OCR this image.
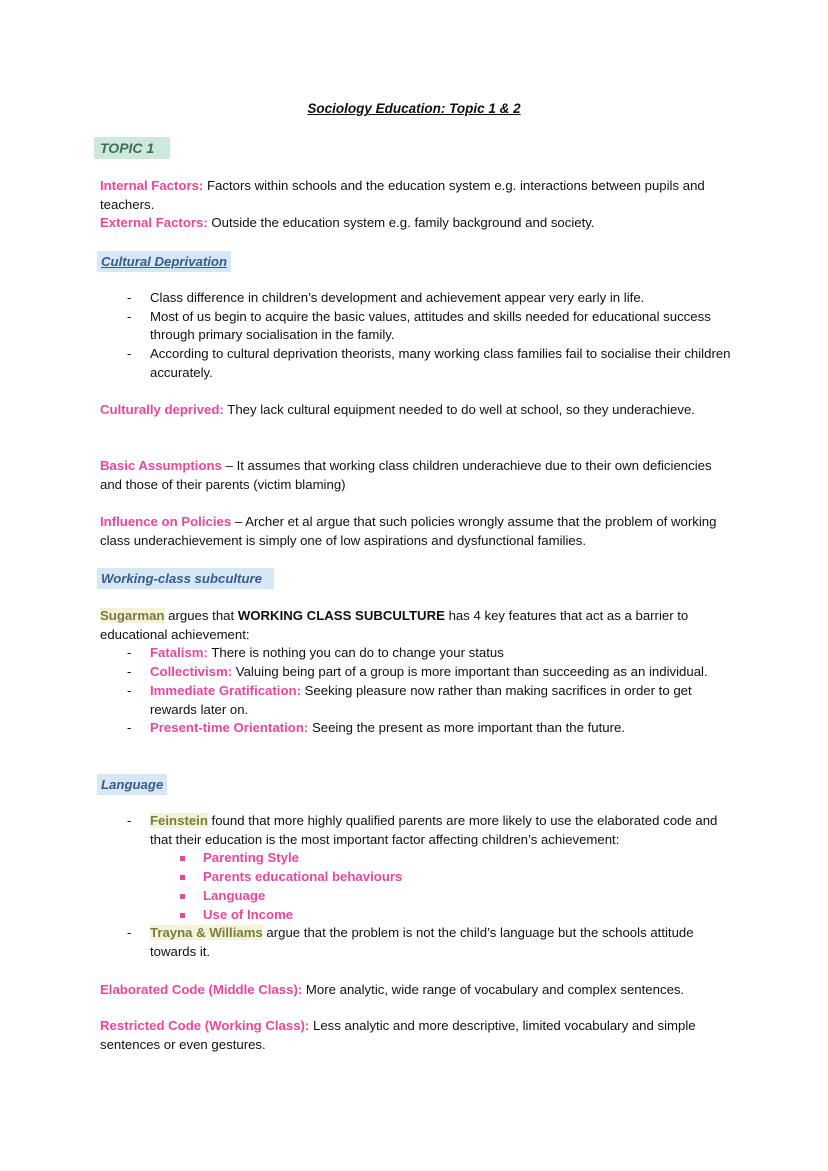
Sociology Education: Topic 1 & 2
TOPIC 1
Internal Factors: Factors within schools and the education system e.g. interactions between pupils and teachers.
External Factors: Outside the education system e.g. family background and society.
Cultural Deprivation
- Class difference in children’s development and achievement appear very early in life.
- Most of us begin to acquire the basic values, attitudes and skills needed for educational success through primary socialisation in the family.
- According to cultural deprivation theorists, many working class families fail to socialise their children accurately.
Culturally deprived: They lack cultural equipment needed to do well at school, so they underachieve.
Basic Assumptions – It assumes that working class children underachieve due to their own deficiencies and those of their parents (victim blaming)
Influence on Policies – Archer et al argue that such policies wrongly assume that the problem of working class underachievement is simply one of low aspirations and dysfunctional families.
Working-class subculture
Sugarman argues that WORKING CLASS SUBCULTURE has 4 key features that act as a barrier to educational achievement:
- Fatalism: There is nothing you can do to change your status
- Collectivism: Valuing being part of a group is more important than succeeding as an individual.
- Immediate Gratification: Seeking pleasure now rather than making sacrifices in order to get rewards later on.
- Present-time Orientation: Seeing the present as more important than the future.
Language
- Feinstein found that more highly qualified parents are more likely to use the elaborated code and that their education is the most important factor affecting children’s achievement:
Parenting Style
Parents educational behaviours
Language
Use of Income
- Trayna & Williams argue that the problem is not the child’s language but the schools attitude towards it.
Elaborated Code (Middle Class): More analytic, wide range of vocabulary and complex sentences.
Restricted Code (Working Class): Less analytic and more descriptive, limited vocabulary and simple sentences or even gestures.
